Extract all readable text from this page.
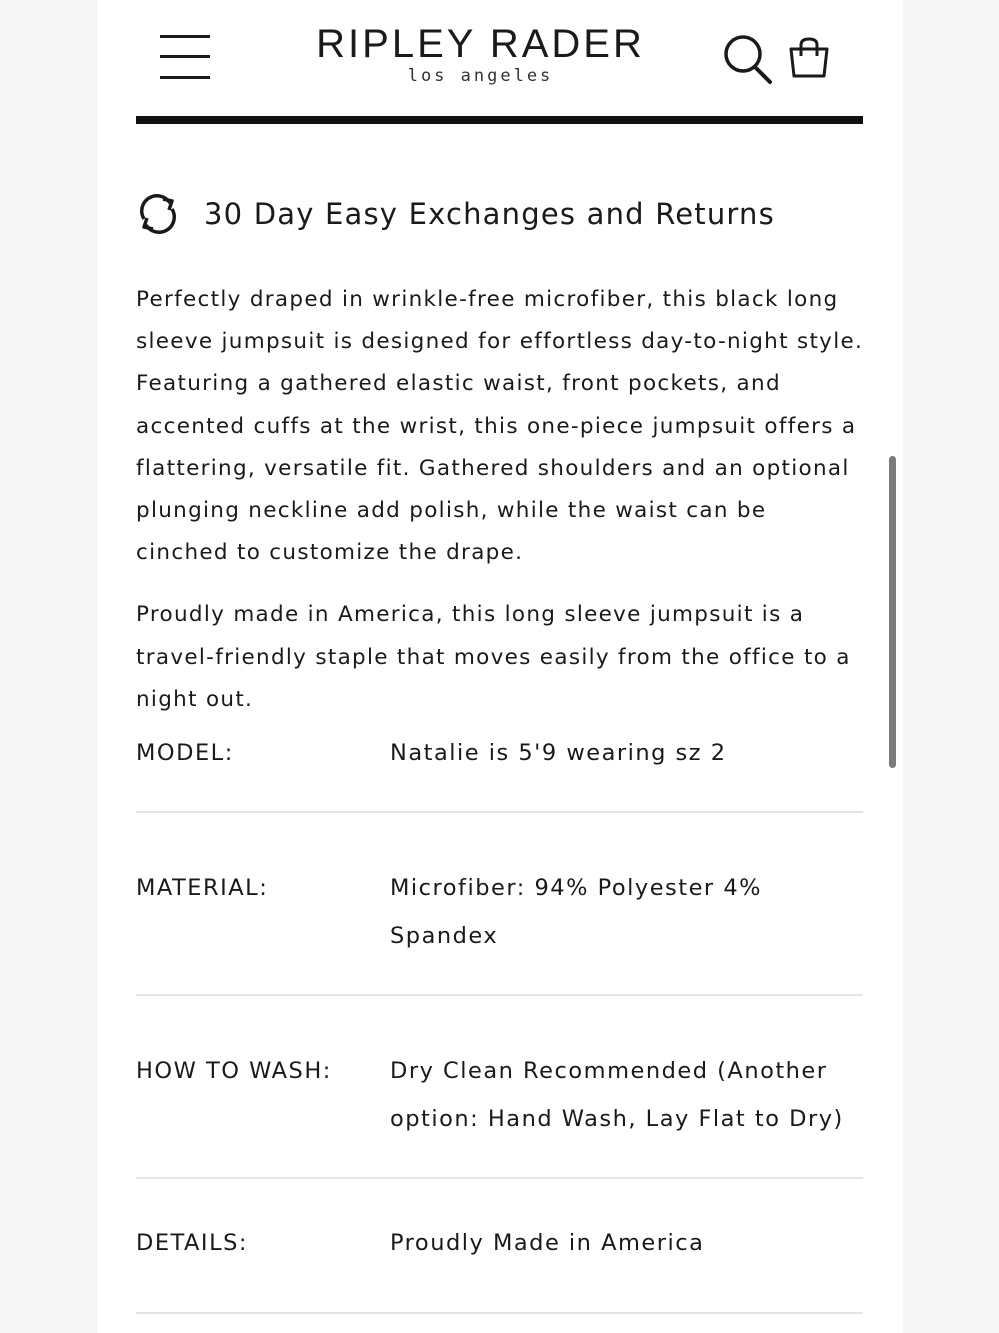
RIPLEY RADER
los angeles
30 Day Easy Exchanges and Returns

Perfectly draped in wrinkle-free microfiber, this black long sleeve jumpsuit is designed for effortless day-to-night style. Featuring a gathered elastic waist, front pockets, and accented cuffs at the wrist, this one-piece jumpsuit offers a flattering, versatile fit. Gathered shoulders and an optional plunging neckline add polish, while the waist can be cinched to customize the drape.

Proudly made in America, this long sleeve jumpsuit is a travel-friendly staple that moves easily from the office to a night out.

MODEL:	Natalie is 5'9 wearing sz 2
MATERIAL:	Microfiber: 94% Polyester 4% Spandex
HOW TO WASH:	Dry Clean Recommended (Another option: Hand Wash, Lay Flat to Dry)
DETAILS:	Proudly Made in America
